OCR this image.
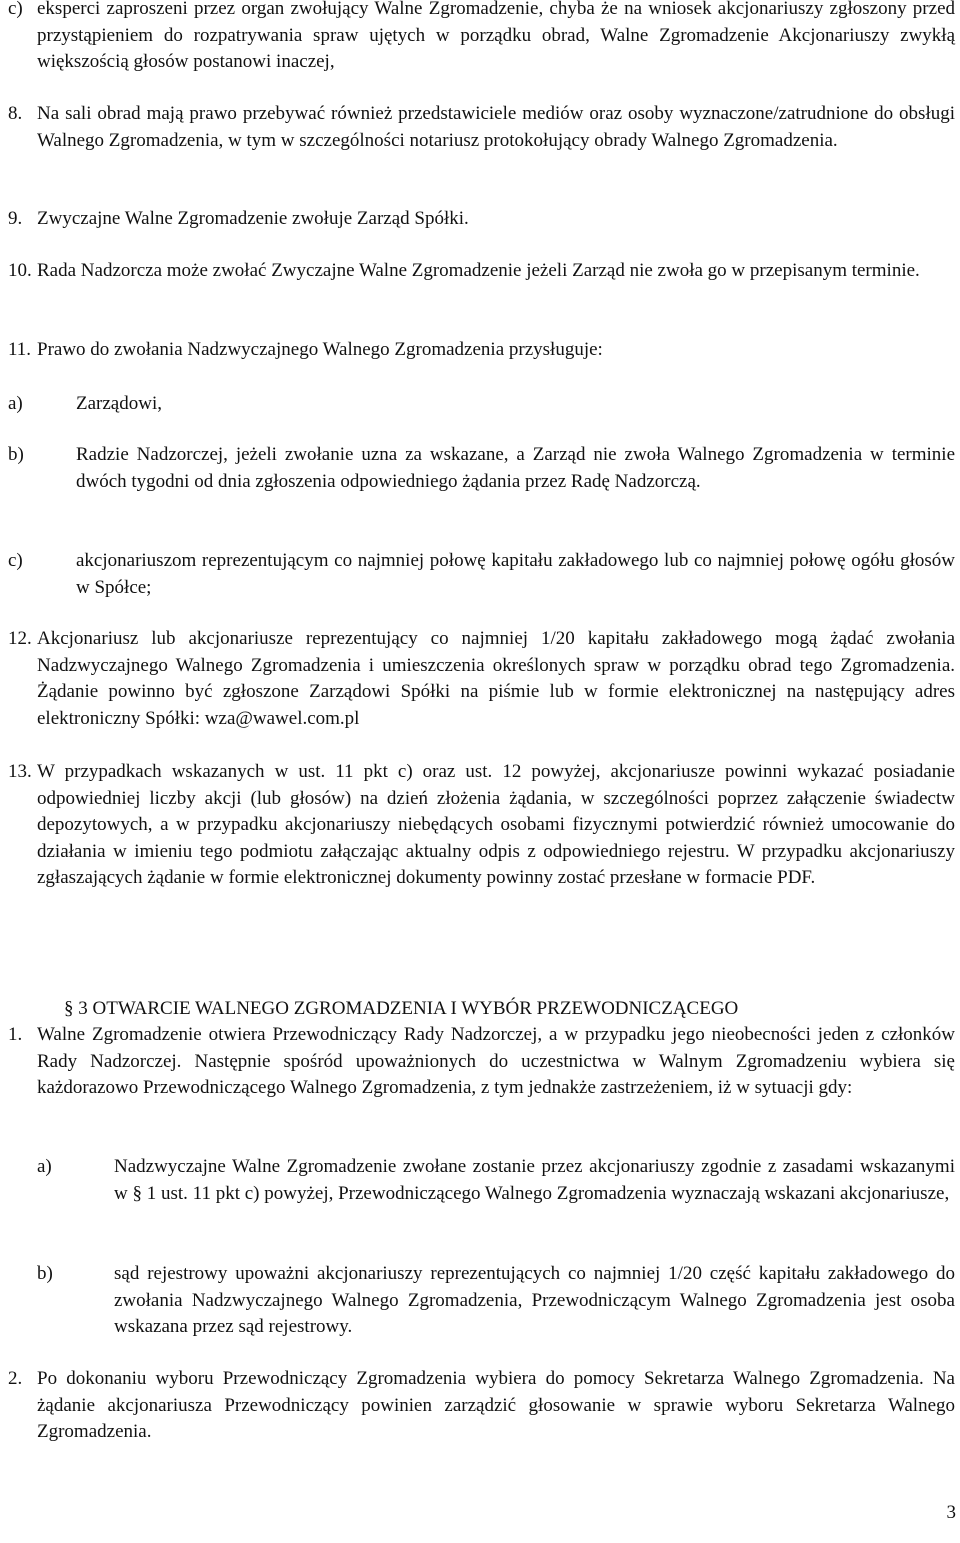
c) eksperci zaproszeni przez organ zwołujący Walne Zgromadzenie, chyba że na wniosek akcjonariuszy zgłoszony przed przystąpieniem do rozpatrywania spraw ujętych w porządku obrad, Walne Zgromadzenie Akcjonariuszy zwykłą większością głosów postanowi inaczej,

8. Na sali obrad mają prawo przebywać również przedstawiciele mediów oraz osoby wyznaczone/zatrudnione do obsługi Walnego Zgromadzenia, w tym w szczególności notariusz protokołujący obrady Walnego Zgromadzenia.

9. Zwyczajne Walne Zgromadzenie zwołuje Zarząd Spółki.

10. Rada Nadzorcza może zwołać Zwyczajne Walne Zgromadzenie jeżeli Zarząd nie zwoła go w przepisanym terminie.

11. Prawo do zwołania Nadzwyczajnego Walnego Zgromadzenia przysługuje:

a)	Zarządowi,

b)	Radzie Nadzorczej, jeżeli zwołanie uzna za wskazane, a Zarząd nie zwoła Walnego Zgromadzenia w terminie dwóch tygodni od dnia zgłoszenia odpowiedniego żądania przez Radę Nadzorczą.

c)	akcjonariuszom reprezentującym co najmniej połowę kapitału zakładowego lub co najmniej połowę ogółu głosów w Spółce;

12. Akcjonariusz lub akcjonariusze reprezentujący co najmniej 1/20 kapitału zakładowego mogą żądać zwołania Nadzwyczajnego Walnego Zgromadzenia i umieszczenia określonych spraw w porządku obrad tego Zgromadzenia. Żądanie powinno być zgłoszone Zarządowi Spółki na piśmie lub w formie elektronicznej na następujący adres elektroniczny Spółki: wza@wawel.com.pl

13. W przypadkach wskazanych w ust. 11 pkt c) oraz ust. 12 powyżej, akcjonariusze powinni wykazać posiadanie odpowiedniej liczby akcji (lub głosów) na dzień złożenia żądania, w szczególności poprzez załączenie świadectw depozytowych, a w przypadku akcjonariuszy niebędących osobami fizycznymi potwierdzić również umocowanie do działania w imieniu tego podmiotu załączając aktualny odpis z odpowiedniego rejestru. W przypadku akcjonariuszy zgłaszających żądanie w formie elektronicznej dokumenty powinny zostać przesłane w formacie PDF.

§ 3 OTWARCIE WALNEGO ZGROMADZENIA I WYBÓR PRZEWODNICZĄCEGO
1. Walne Zgromadzenie otwiera Przewodniczący Rady Nadzorczej, a w przypadku jego nieobecności jeden z członków Rady Nadzorczej. Następnie spośród upoważnionych do uczestnictwa w Walnym Zgromadzeniu wybiera się każdorazowo Przewodniczącego Walnego Zgromadzenia, z tym jednakże zastrzeżeniem, iż w sytuacji gdy:

a)	Nadzwyczajne Walne Zgromadzenie zwołane zostanie przez akcjonariuszy zgodnie z zasadami wskazanymi w § 1 ust. 11 pkt c) powyżej, Przewodniczącego Walnego Zgromadzenia wyznaczają wskazani akcjonariusze,

b)	sąd rejestrowy upoważni akcjonariuszy reprezentujących co najmniej 1/20 część kapitału zakładowego do zwołania Nadzwyczajnego Walnego Zgromadzenia, Przewodniczącym Walnego Zgromadzenia jest osoba wskazana przez sąd rejestrowy.

2. Po dokonaniu wyboru Przewodniczący Zgromadzenia wybiera do pomocy Sekretarza Walnego Zgromadzenia. Na żądanie akcjonariusza Przewodniczący powinien zarządzić głosowanie w sprawie wyboru Sekretarza Walnego Zgromadzenia.

3
